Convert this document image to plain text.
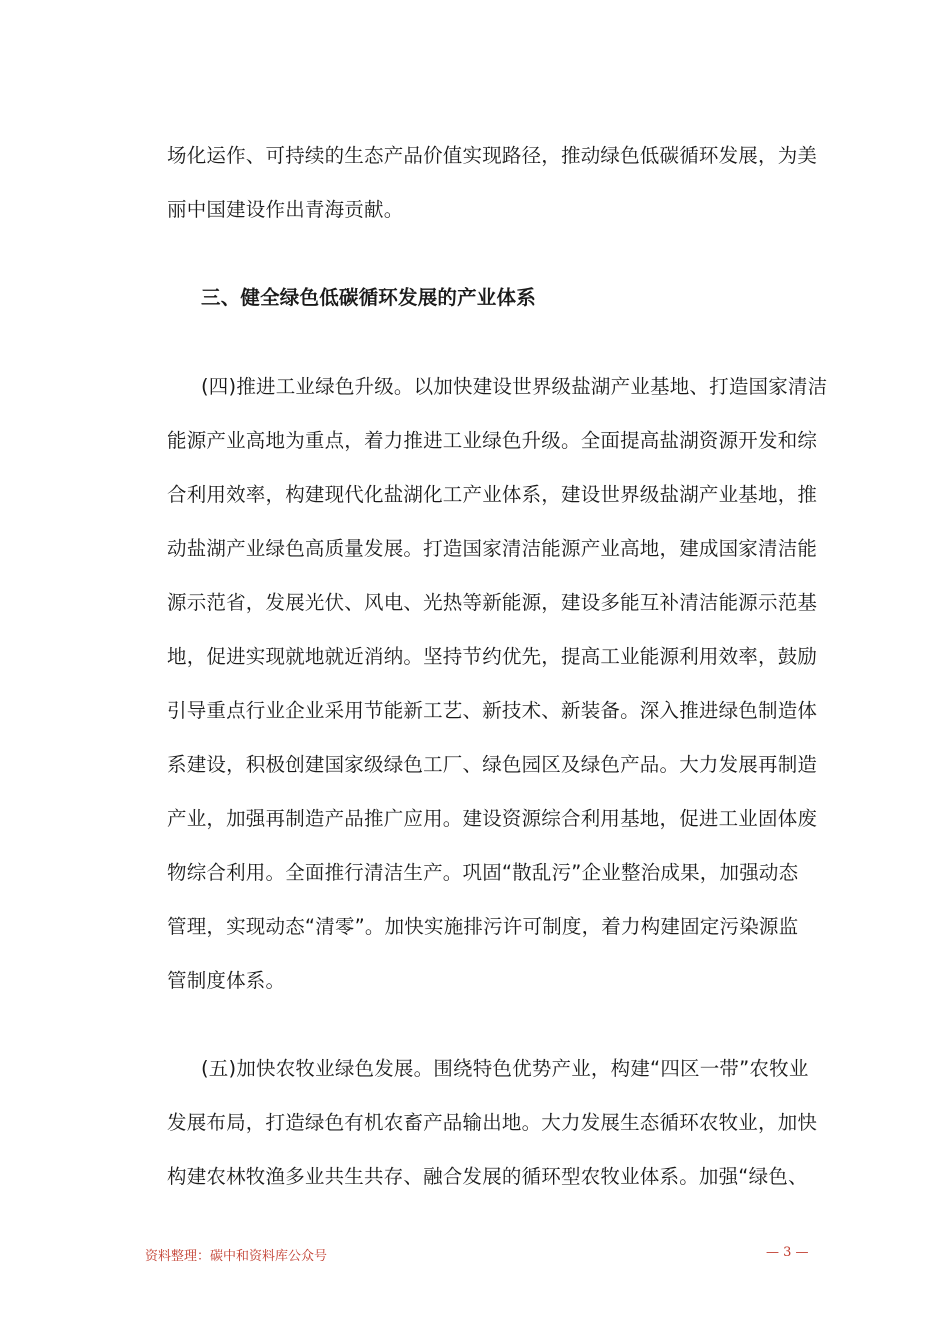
场化运作、可持续的生态产品价值实现路径，推动绿色低碳循环发展，为美
丽中国建设作出青海贡献。
三、健全绿色低碳循环发展的产业体系
(四)推进工业绿色升级。以加快建设世界级盐湖产业基地、打造国家清洁
能源产业高地为重点，着力推进工业绿色升级。全面提高盐湖资源开发和综
合利用效率，构建现代化盐湖化工产业体系，建设世界级盐湖产业基地，推
动盐湖产业绿色高质量发展。打造国家清洁能源产业高地，建成国家清洁能
源示范省，发展光伏、风电、光热等新能源，建设多能互补清洁能源示范基
地，促进实现就地就近消纳。坚持节约优先，提高工业能源利用效率，鼓励
引导重点行业企业采用节能新工艺、新技术、新装备。深入推进绿色制造体
系建设，积极创建国家级绿色工厂、绿色园区及绿色产品。大力发展再制造
产业，加强再制造产品推广应用。建设资源综合利用基地，促进工业固体废
物综合利用。全面推行清洁生产。巩固“散乱污”企业整治成果，加强动态
管理，实现动态“清零”。加快实施排污许可制度，着力构建固定污染源监
管制度体系。
(五)加快农牧业绿色发展。围绕特色优势产业，构建“四区一带”农牧业
发展布局，打造绿色有机农畜产品输出地。大力发展生态循环农牧业，加快
构建农林牧渔多业共生共存、融合发展的循环型农牧业体系。加强“绿色、
资料整理：碳中和资料库公众号	— 3 —
